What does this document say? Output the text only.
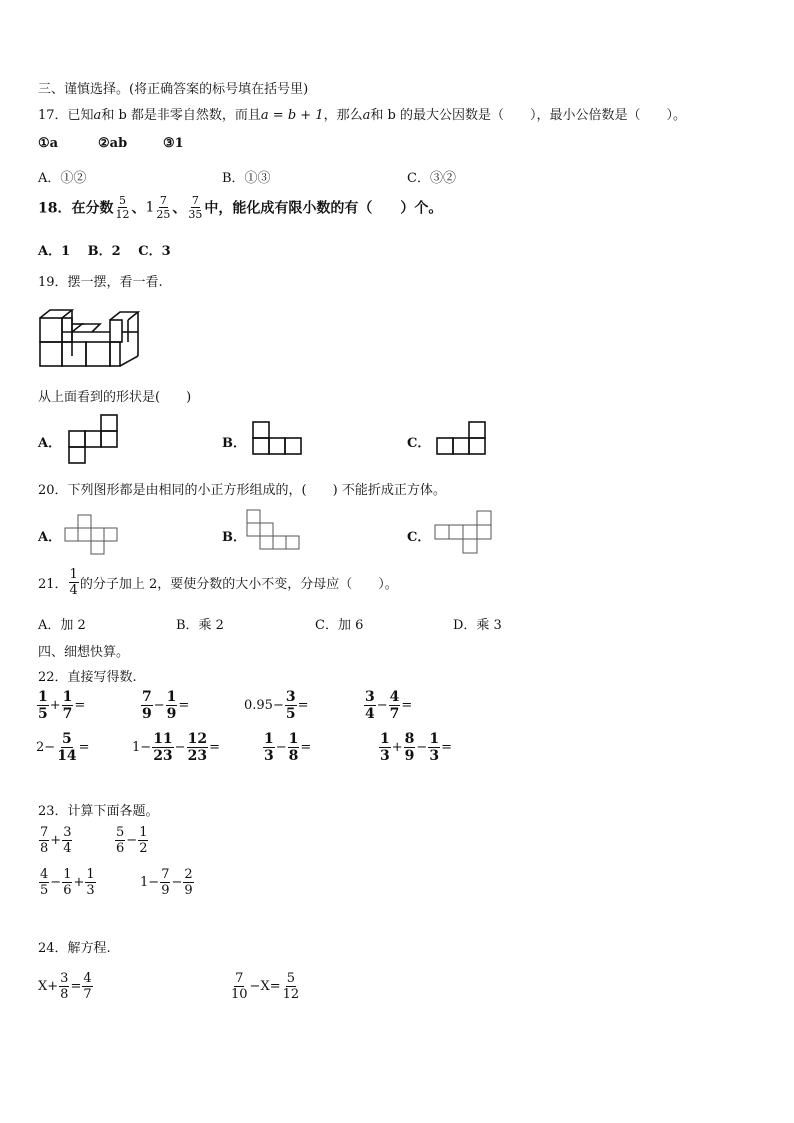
三、谨慎选择。(将正确答案的标号填在括号里)
17．已知a和 b 都是非零自然数，而且a = b + 1，那么a和 b 的最大公因数是（　　），最小公倍数是（　　）。
①a	②ab	③1
A．①②	B．①③	C．③②
18．在分数 $\frac{5}{12}$ 、$1 \frac{7}{25}$ 、 $\frac{7}{35}$ 中，能化成有限小数的有（　　）个。
A．1　 B．2　 C．3
19．摆一摆，看一看.
从上面看到的形状是(　　)
A．	B．	C．
20．下列图形都是由相同的小正方形组成的，(　　) 不能折成正方体。
A．	B．	C．
21． $\frac{1}{4}$ 的分子加上 2，要使分数的大小不变，分母应（　　）。
A．加 2	B．乘 2	C．加 6	D．乘 3
四、细想快算。
22．直接写得数.
$\frac{1}{5} + \frac{1}{7}$ =	$\frac{7}{9} - \frac{1}{9}$ =	$0.95- \frac{3}{5}$ =	$\frac{3}{4} - \frac{4}{7}$ =
$2- \frac{5}{14}$ =	$1- \frac{11}{23} - \frac{12}{23}$ =	$\frac{1}{3} - \frac{1}{8}$ =	$\frac{1}{3} + \frac{8}{9} - \frac{1}{3}$ =
23．计算下面各题。
$\frac{7}{8} + \frac{3}{4}$	$\frac{5}{6} - \frac{1}{2}$
$\frac{4}{5} - \frac{1}{6} + \frac{1}{3}$	$1- \frac{7}{9} - \frac{2}{9}$
24．解方程.
$X+ \frac{3}{8} = \frac{4}{7}$	$\frac{7}{10} -X= \frac{5}{12}$
